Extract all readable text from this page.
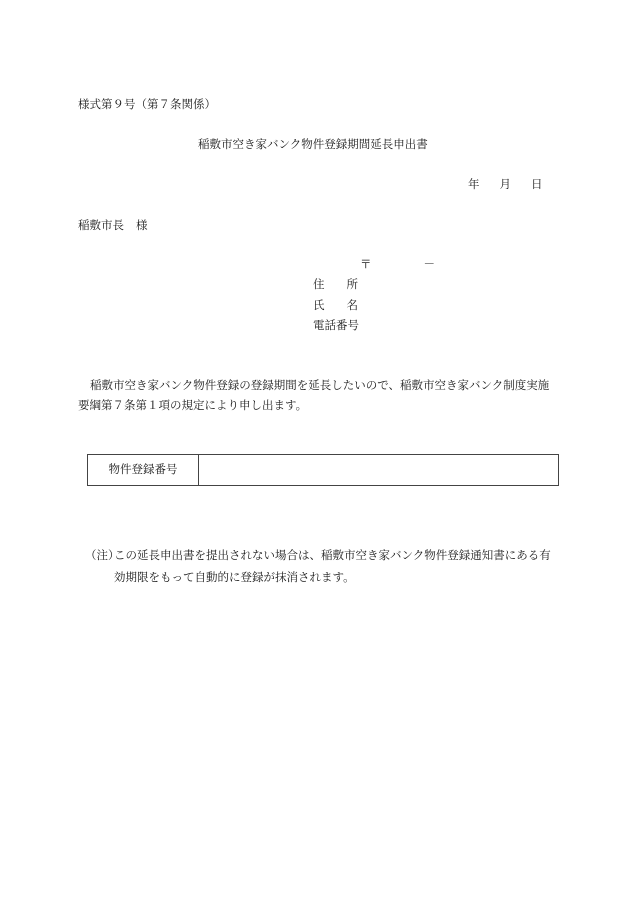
様式第９号（第７条関係）
稲敷市空き家バンク物件登録期間延長申出書
年 月 日
稲敷市長 様
〒	－
住 所
氏 名
電話番号
稲敷市空き家バンク物件登録の登録期間を延長したいので、稲敷市空き家バンク制度実施要綱第７条第１項の規定により申し出ます。
物件登録番号
（注）
この延長申出書を提出されない場合は、稲敷市空き家バンク物件登録通知書にある有効期限をもって自動的に登録が抹消されます。
